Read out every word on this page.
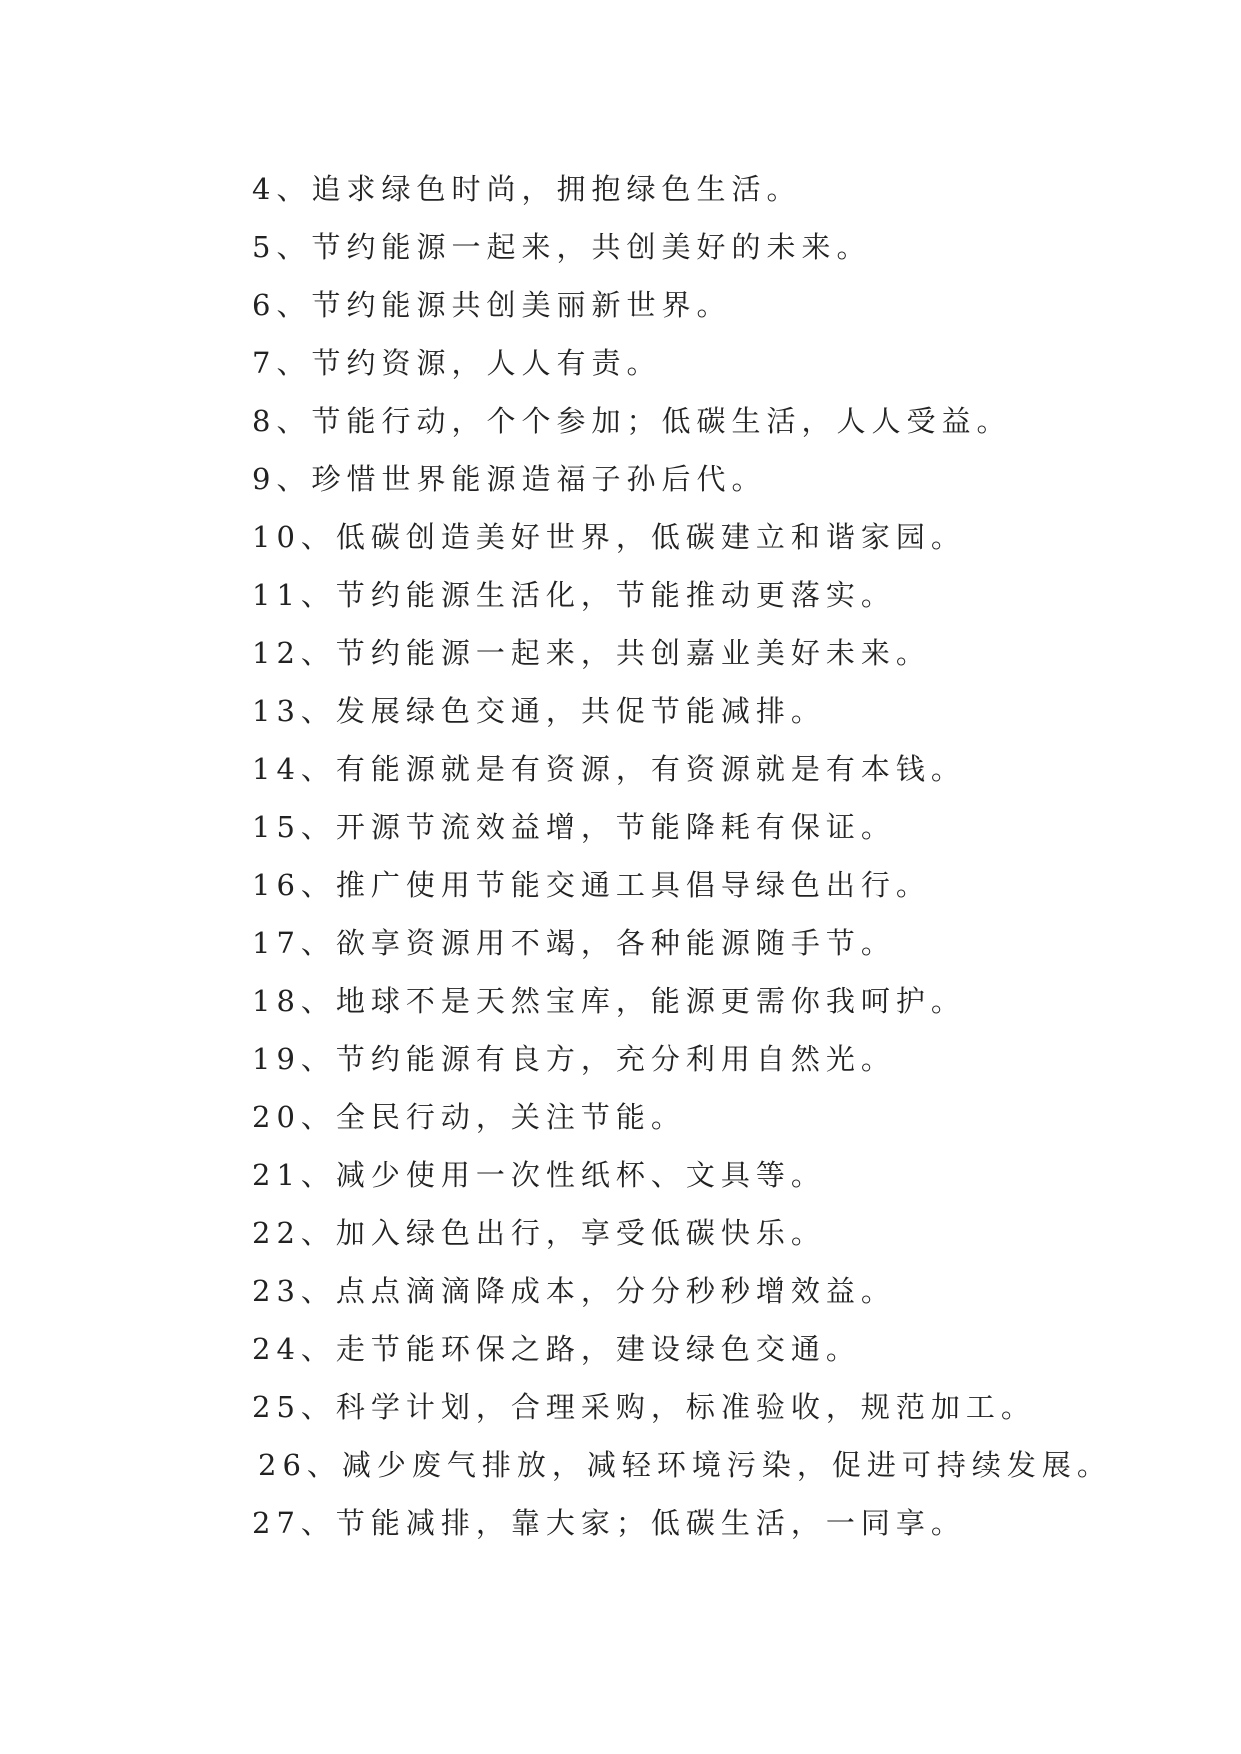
4、追求绿色时尚，拥抱绿色生活。
5、节约能源一起来，共创美好的未来。
6、节约能源共创美丽新世界。
7、节约资源，人人有责。
8、节能行动，个个参加；低碳生活，人人受益。
9、珍惜世界能源造福子孙后代。
10、低碳创造美好世界，低碳建立和谐家园。
11、节约能源生活化，节能推动更落实。
12、节约能源一起来，共创嘉业美好未来。
13、发展绿色交通，共促节能减排。
14、有能源就是有资源，有资源就是有本钱。
15、开源节流效益增，节能降耗有保证。
16、推广使用节能交通工具倡导绿色出行。
17、欲享资源用不竭，各种能源随手节。
18、地球不是天然宝库，能源更需你我呵护。
19、节约能源有良方，充分利用自然光。
20、全民行动，关注节能。
21、减少使用一次性纸杯、文具等。
22、加入绿色出行，享受低碳快乐。
23、点点滴滴降成本，分分秒秒增效益。
24、走节能环保之路，建设绿色交通。
25、科学计划，合理采购，标准验收，规范加工。
26、减少废气排放，减轻环境污染，促进可持续发展。
27、节能减排，靠大家；低碳生活，一同享。
